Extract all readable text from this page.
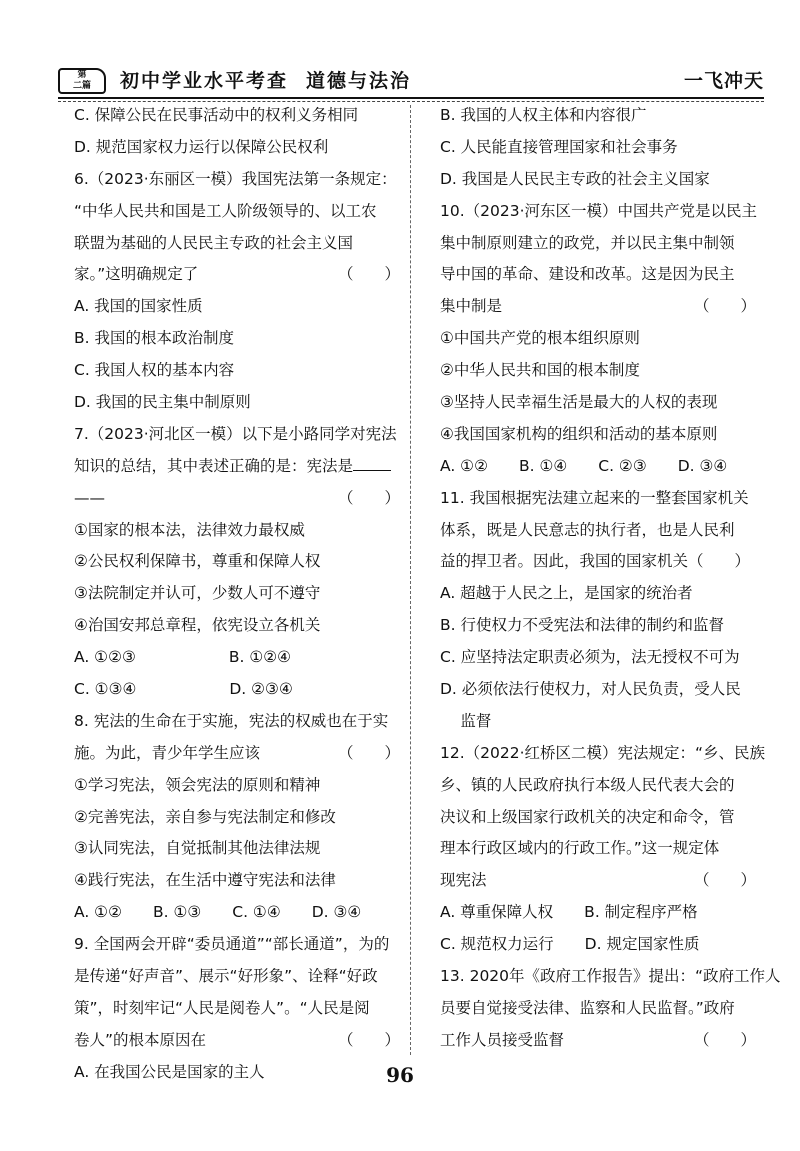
第
二篇	初中学业水平考查 道德与法治	一飞冲天
C. 保障公民在民事活动中的权利义务相同
D. 规范国家权力运行以保障公民权利
6.（2023·东丽区一模）我国宪法第一条规定：
“中华人民共和国是工人阶级领导的、以工农
联盟为基础的人民民主专政的社会主义国
家。”这明确规定了	（　　）
A. 我国的国家性质
B. 我国的根本政治制度
C. 我国人权的基本内容
D. 我国的民主集中制原则
7.（2023·河北区一模）以下是小路同学对宪法
知识的总结，其中表述正确的是：宪法是
——	（　　）
①国家的根本法，法律效力最权威
②公民权利保障书，尊重和保障人权
③法院制定并认可，少数人可不遵守
④治国安邦总章程，依宪设立各机关
A. ①②③　　　　　　B. ①②④
C. ①③④　　　　　　D. ②③④
8. 宪法的生命在于实施，宪法的权威也在于实
施。为此，青少年学生应该	（　　）
①学习宪法，领会宪法的原则和精神
②完善宪法，亲自参与宪法制定和修改
③认同宪法，自觉抵制其他法律法规
④践行宪法，在生活中遵守宪法和法律
A. ①②　　B. ①③　　C. ①④　　D. ③④
9. 全国两会开辟“委员通道”“部长通道”，为的
是传递“好声音”、展示“好形象”、诠释“好政
策”，时刻牢记“人民是阅卷人”。“人民是阅
卷人”的根本原因在	（　　）
A. 在我国公民是国家的主人
B. 我国的人权主体和内容很广
C. 人民能直接管理国家和社会事务
D. 我国是人民民主专政的社会主义国家
10.（2023·河东区一模）中国共产党是以民主
集中制原则建立的政党，并以民主集中制领
导中国的革命、建设和改革。这是因为民主
集中制是	（　　）
①中国共产党的根本组织原则
②中华人民共和国的根本制度
③坚持人民幸福生活是最大的人权的表现
④我国国家机构的组织和活动的基本原则
A. ①②　　B. ①④　　C. ②③　　D. ③④
11. 我国根据宪法建立起来的一整套国家机关
体系，既是人民意志的执行者，也是人民利
益的捍卫者。因此，我国的国家机关（　　）
A. 超越于人民之上，是国家的统治者
B. 行使权力不受宪法和法律的制约和监督
C. 应坚持法定职责必须为，法无授权不可为
D. 必须依法行使权力，对人民负责，受人民
　 监督
12.（2022·红桥区二模）宪法规定：“乡、民族
乡、镇的人民政府执行本级人民代表大会的
决议和上级国家行政机关的决定和命令，管
理本行政区域内的行政工作。”这一规定体
现宪法	（　　）
A. 尊重保障人权　　B. 制定程序严格
C. 规范权力运行　　D. 规定国家性质
13. 2020年《政府工作报告》提出：“政府工作人
员要自觉接受法律、监察和人民监督。”政府
工作人员接受监督	（　　）
96
